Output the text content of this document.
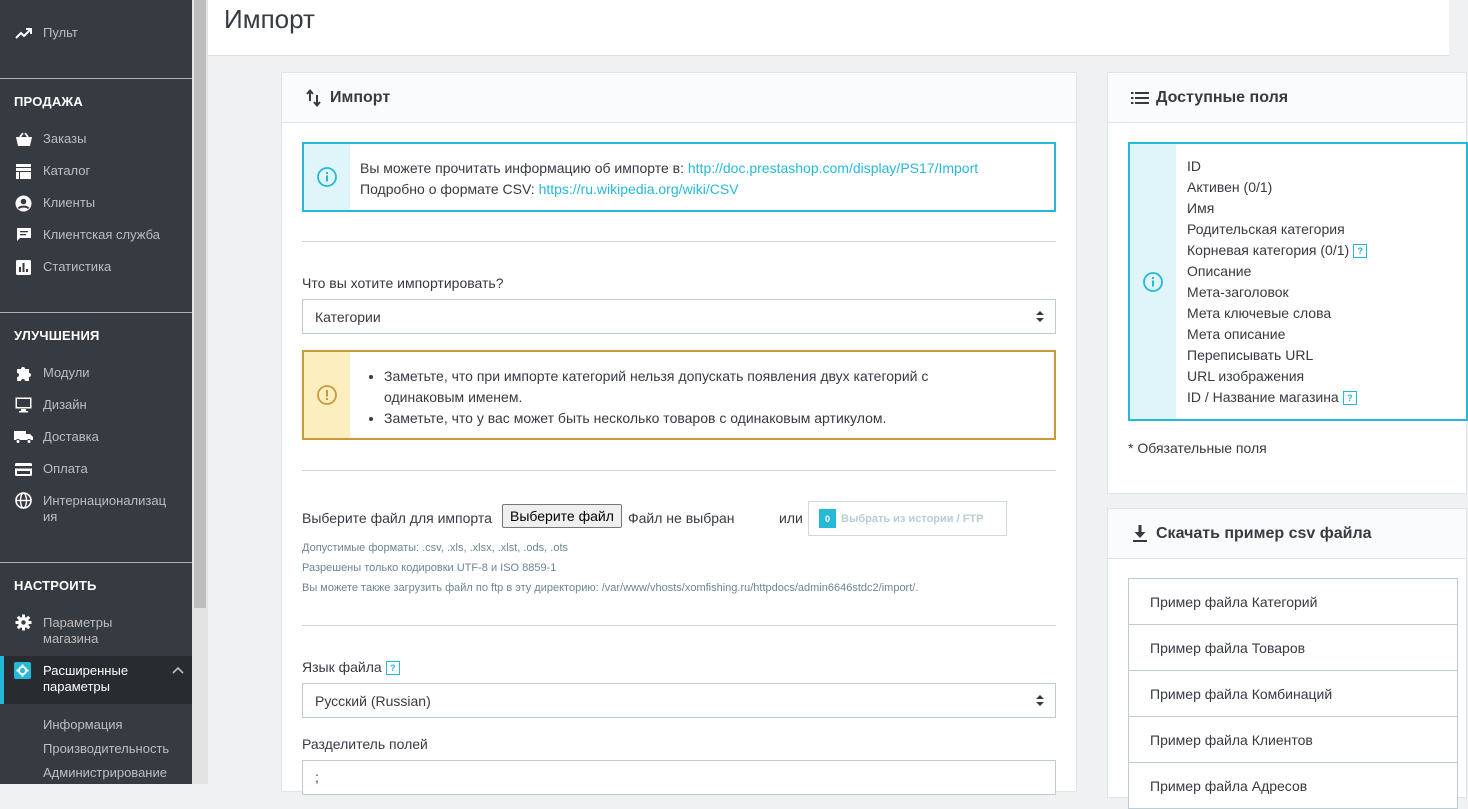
Пульт
ПРОДАЖА
Заказы
Каталог
Клиенты
Клиентская служба
Статистика
УЛУЧШЕНИЯ
Модули
Дизайн
Доставка
Оплата
Интернационализац
ия
НАСТРОИТЬ
Параметры
магазина
Расширенные
параметры
Информация
Производительность
Администрирование
Импорт
Импорт
Вы можете прочитать информацию об импорте в: http://doc.prestashop.com/display/PS17/Import
Подробно о формате CSV: https://ru.wikipedia.org/wiki/CSV
Что вы хотите импортировать?
Категории
• Заметьте, что при импорте категорий нельзя допускать появления двух категорий с
одинаковым именем.
• Заметьте, что у вас может быть несколько товаров с одинаковым артикулом.
Выберите файл для импорта	Выберите файл	Файл не выбран	или	0	Выбрать из истории / FTP
Допустимые форматы: .csv, .xls, .xlsx, .xlst, .ods, .ots
Разрешены только кодировки UTF-8 и ISO 8859-1
Вы можете также загрузить файл по ftp в эту директорию: /var/www/vhosts/xomfishing.ru/httpdocs/admin6646stdc2/import/.
Язык файла ?
Русский (Russian)
Разделитель полей
;
Доступные поля
ID
Активен (0/1)
Имя
Родительская категория
Корневая категория (0/1) ?
Описание
Мета-заголовок
Мета ключевые слова
Мета описание
Переписывать URL
URL изображения
ID / Название магазина ?
* Обязательные поля
Скачать пример csv файла
Пример файла Категорий
Пример файла Товаров
Пример файла Комбинаций
Пример файла Клиентов
Пример файла Адресов
